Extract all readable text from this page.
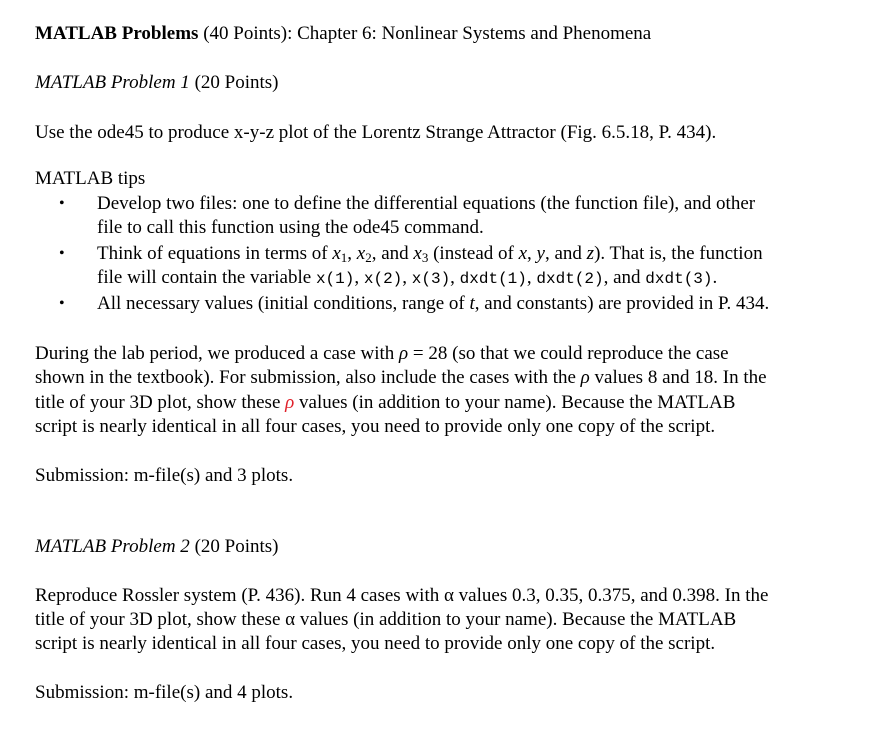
MATLAB Problems (40 Points): Chapter 6: Nonlinear Systems and Phenomena

MATLAB Problem 1 (20 Points)

Use the ode45 to produce x-y-z plot of the Lorentz Strange Attractor (Fig. 6.5.18, P. 434).

MATLAB tips

• Develop two files: one to define the differential equations (the function file), and other
file to call this function using the ode45 command.
• Think of equations in terms of $x_1$, $x_2$, and $x_3$ (instead of x, y, and z). That is, the function
file will contain the variable x(1), x(2), x(3), dxdt(1), dxdt(2), and dxdt(3).
• All necessary values (initial conditions, range of t, and constants) are provided in P. 434.

During the lab period, we produced a case with ρ = 28 (so that we could reproduce the case

shown in the textbook). For submission, also include the cases with the ρ values 8 and 18. In the

title of your 3D plot, show these ρ values (in addition to your name). Because the MATLAB

script is nearly identical in all four cases, you need to provide only one copy of the script.

Submission: m-file(s) and 3 plots.

MATLAB Problem 2 (20 Points)

Reproduce Rossler system (P. 436). Run 4 cases with α values 0.3, 0.35, 0.375, and 0.398. In the

title of your 3D plot, show these α values (in addition to your name). Because the MATLAB

script is nearly identical in all four cases, you need to provide only one copy of the script.

Submission: m-file(s) and 4 plots.
